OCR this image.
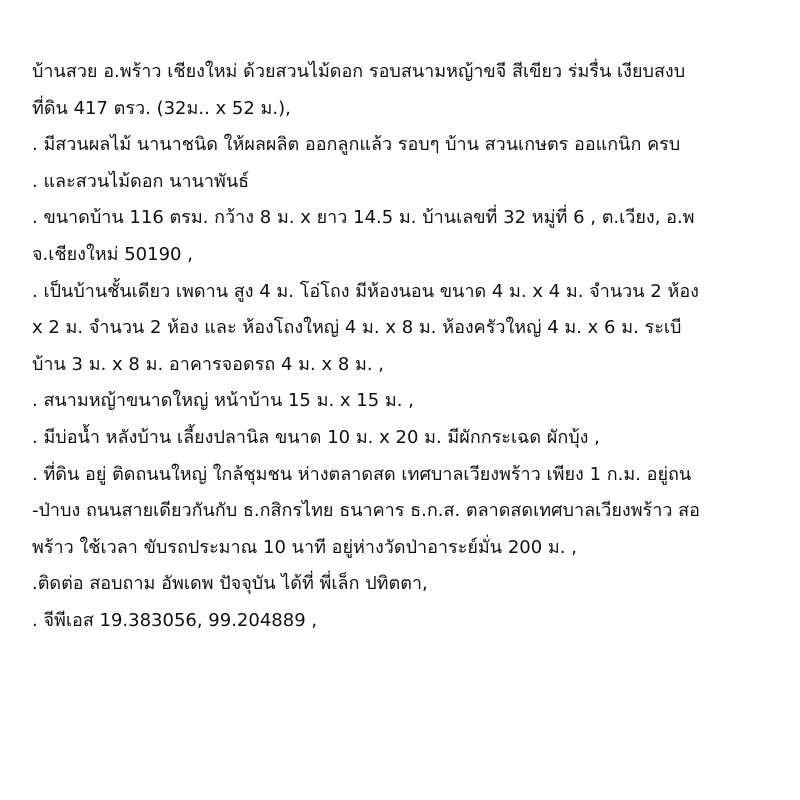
บ้านสวย อ.พร้าว เชียงใหม่ ด้วยสวนไม้ดอก รอบสนามหญ้าขจี สีเขียว ร่มรื่น เงียบสงบ

ที่ดิน 417 ตรว. (32ม.. x 52 ม.),

. มีสวนผลไม้ นานาชนิด ให้ผลผลิต ออกลูกแล้ว รอบๆ บ้าน สวนเกษตร ออแกนิก ครบ

. และสวนไม้ดอก นานาพันธ์

. ขนาดบ้าน 116 ตรม. กว้าง 8 ม. x ยาว 14.5 ม. บ้านเลขที่ 32 หมู่ที่ 6 , ต.เวียง, อ.พ

จ.เชียงใหม่ 50190 ,

. เป็นบ้านชั้นเดียว เพดาน สูง 4 ม. โอ่โถง มีห้องนอน ขนาด 4 ม. x 4 ม. จำนวน 2 ห้อง

x 2 ม. จำนวน 2 ห้อง และ ห้องโถงใหญ่ 4 ม. x 8 ม. ห้องครัวใหญ่ 4 ม. x 6 ม. ระเบี

บ้าน 3 ม. x 8 ม. อาคารจอดรถ 4 ม. x 8 ม. ,

. สนามหญ้าขนาดใหญ่ หน้าบ้าน 15 ม. x 15 ม. ,

. มีบ่อน้ำ หลังบ้าน เลี้ยงปลานิล ขนาด 10 ม. x 20 ม. มีผักกระเฉด ผักบุ้ง ,

. ที่ดิน อยู่ ติดถนนใหญ่ ใกล้ชุมชน ห่างตลาดสด เทศบาลเวียงพร้าว เพียง 1 ก.ม. อยู่ถน

-ป่าบง ถนนสายเดียวกันกับ ธ.กสิกรไทย ธนาคาร ธ.ก.ส. ตลาดสดเทศบาลเวียงพร้าว สอ

พร้าว ใช้เวลา ขับรถประมาณ 10 นาที อยู่ห่างวัดป่าอาระย์มั่น 200 ม. ,

.ติดต่อ สอบถาม อัพเดพ ปัจจุบัน ได้ที่ พี่เล็ก ปทิตตา,

. จีพีเอส 19.383056, 99.204889 ,
